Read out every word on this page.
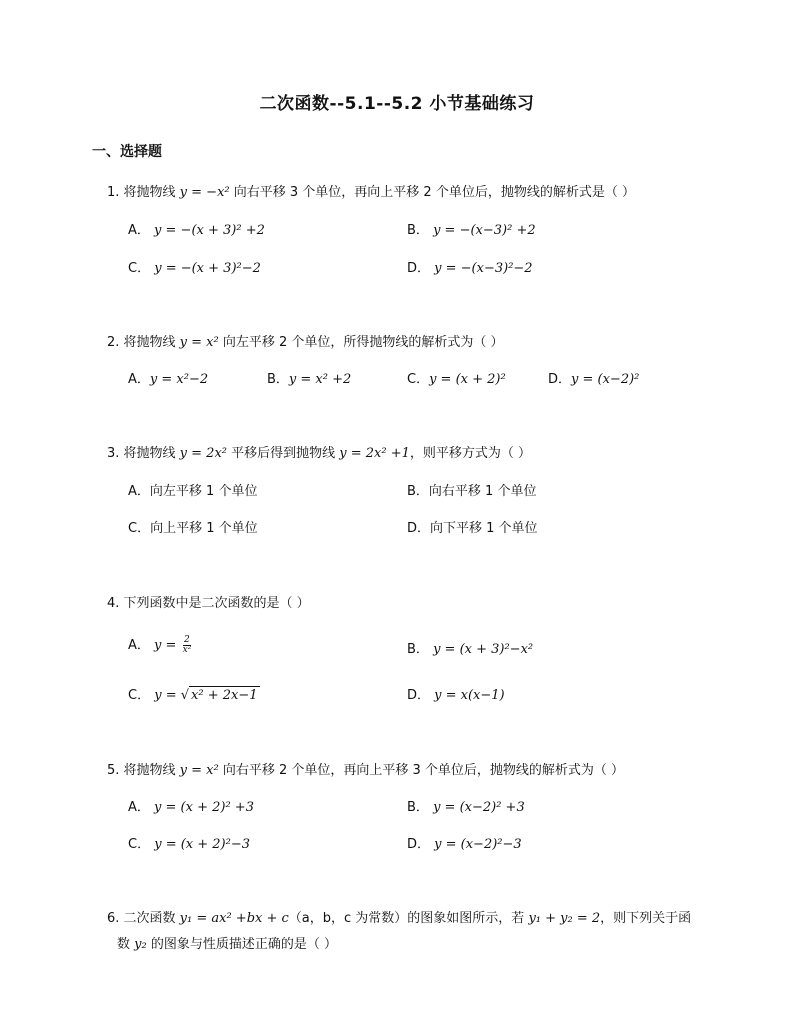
二次函数--5.1--5.2 小节基础练习
一、选择题
1. 将抛物线 y = −x² 向右平移 3 个单位，再向上平移 2 个单位后，抛物线的解析式是（ ）
A． y = −(x + 3)² +2	B． y = −(x−3)² +2
C． y = −(x + 3)²−2	D． y = −(x−3)²−2
2. 将抛物线 y = x² 向左平移 2 个单位，所得抛物线的解析式为（ ）
A．y = x²−2	B．y = x² +2	C．y = (x + 2)²	D．y = (x−2)²
3. 将抛物线 y = 2x² 平移后得到抛物线 y = 2x² +1，则平移方式为（ ）
A．向左平移 1 个单位	B．向右平移 1 个单位
C．向上平移 1 个单位	D．向下平移 1 个单位
4. 下列函数中是二次函数的是（ ）
A． $y = \frac{2}{\text{x²}}$	B． y = (x + 3)²−x²
C． y = √ x² + 2x−1	D． y = x(x−1)
5. 将抛物线 y = x² 向右平移 2 个单位，再向上平移 3 个单位后，抛物线的解析式为（ ）
A． y = (x + 2)² +3	B． y = (x−2)² +3
C． y = (x + 2)²−3	D． y = (x−2)²−3
6. 二次函数 y₁ = ax² +bx + c（a，b，c 为常数）的图象如图所示，若 y₁ + y₂ = 2，则下列关于函
数 y₂ 的图象与性质描述正确的是（ ）
